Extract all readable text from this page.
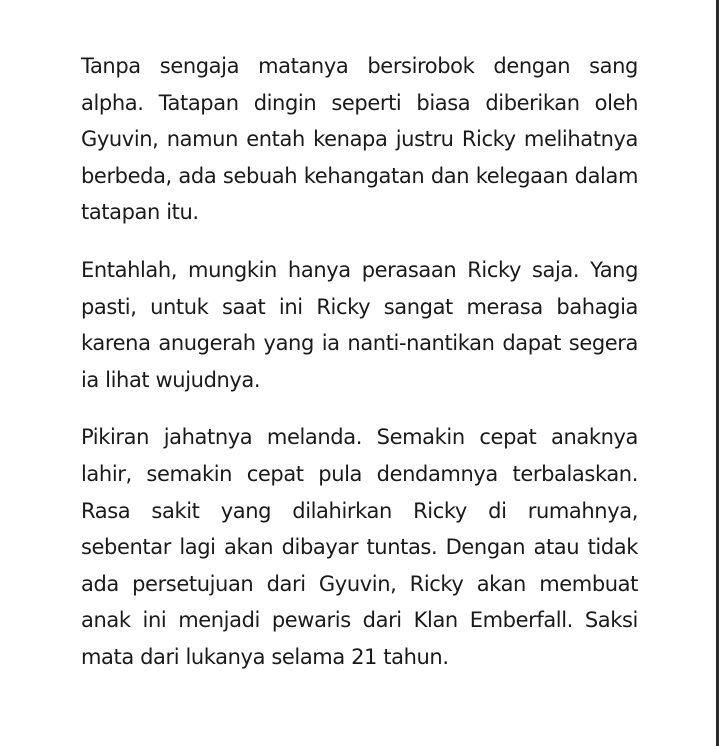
Tanpa sengaja matanya bersirobok dengan sang alpha. Tatapan dingin seperti biasa diberikan oleh Gyuvin, namun entah kenapa justru Ricky melihatnya berbeda, ada sebuah kehangatan dan kelegaan dalam tatapan itu.

Entahlah, mungkin hanya perasaan Ricky saja. Yang pasti, untuk saat ini Ricky sangat merasa bahagia karena anugerah yang ia nanti-nantikan dapat segera ia lihat wujudnya.

Pikiran jahatnya melanda. Semakin cepat anaknya lahir, semakin cepat pula dendamnya terbalaskan. Rasa sakit yang dilahirkan Ricky di rumahnya, sebentar lagi akan dibayar tuntas. Dengan atau tidak ada persetujuan dari Gyuvin, Ricky akan membuat anak ini menjadi pewaris dari Klan Emberfall. Saksi mata dari lukanya selama 21 tahun.
